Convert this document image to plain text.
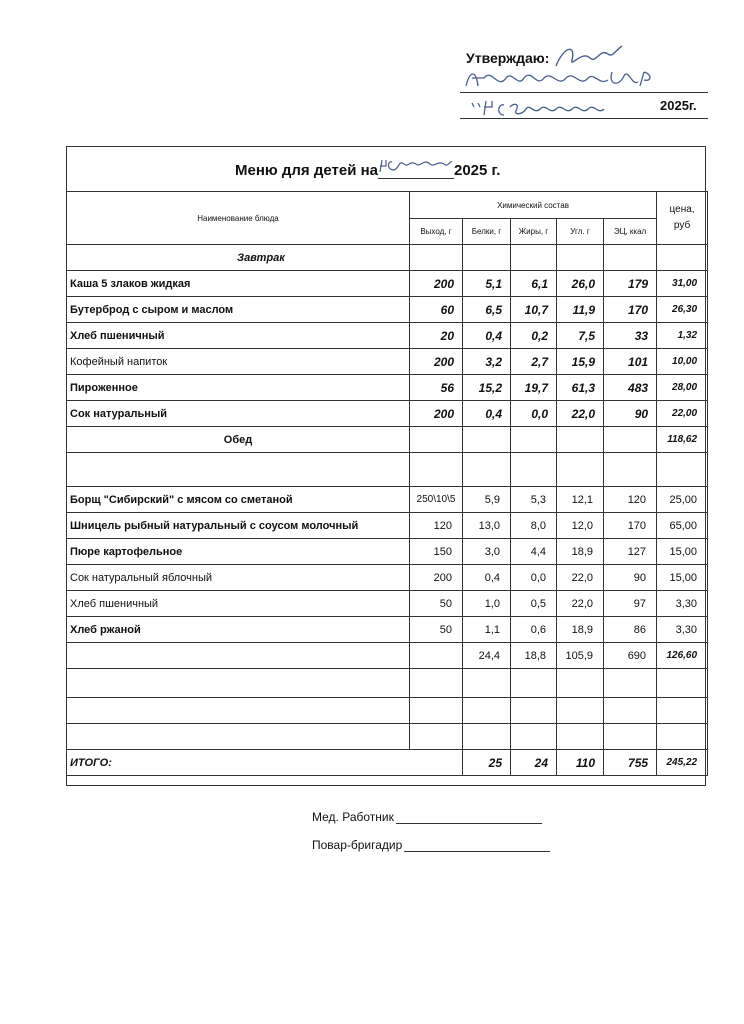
Утверждаю:
2025г.
Меню для детей на	2025 г.
Наименование блюда	Химический состав					цена, руб
	Выход, г	Белки, г	Жиры, г	Угл. г	ЭЦ, ккал	
Завтрак						
Каша 5 злаков жидкая	200	5,1	6,1	26,0	179	31,00
Бутерброд с сыром и маслом	60	6,5	10,7	11,9	170	26,30
Хлеб пшеничный	20	0,4	0,2	7,5	33	1,32
Кофейный напиток	200	3,2	2,7	15,9	101	10,00
Пироженное	56	15,2	19,7	61,3	483	28,00
Сок натуральный	200	0,4	0,0	22,0	90	22,00
Обед						118,62

Борщ "Сибирский" с мясом со сметаной	250\10\5	5,9	5,3	12,1	120	25,00
Шницель рыбный натуральный с соусом молочный	120	13,0	8,0	12,0	170	65,00
Пюре картофельное	150	3,0	4,4	18,9	127	15,00
Сок натуральный яблочный	200	0,4	0,0	22,0	90	15,00
Хлеб пшеничный	50	1,0	0,5	22,0	97	3,30
Хлеб ржаной	50	1,1	0,6	18,9	86	3,30
		24,4	18,8	105,9	690	126,60

ИТОГО:		25	24	110	755	245,22
Мед. Работник
Повар-бригадир
